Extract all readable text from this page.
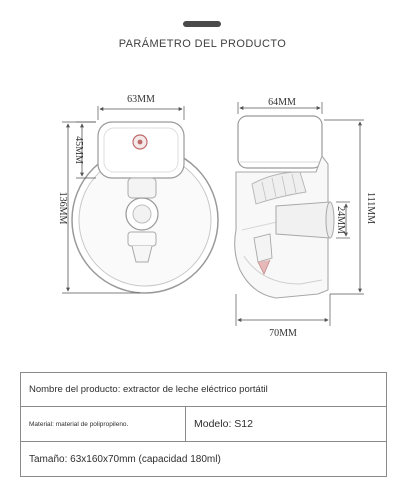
PARÁMETRO DEL PRODUCTO
63MM
45MM
136MM
64MM
24MM 111MM
70MM
Nombre del producto: extractor de leche eléctrico portátil
Material: material de polipropileno.	Modelo: S12
Tamaño: 63x160x70mm (capacidad 180ml)
